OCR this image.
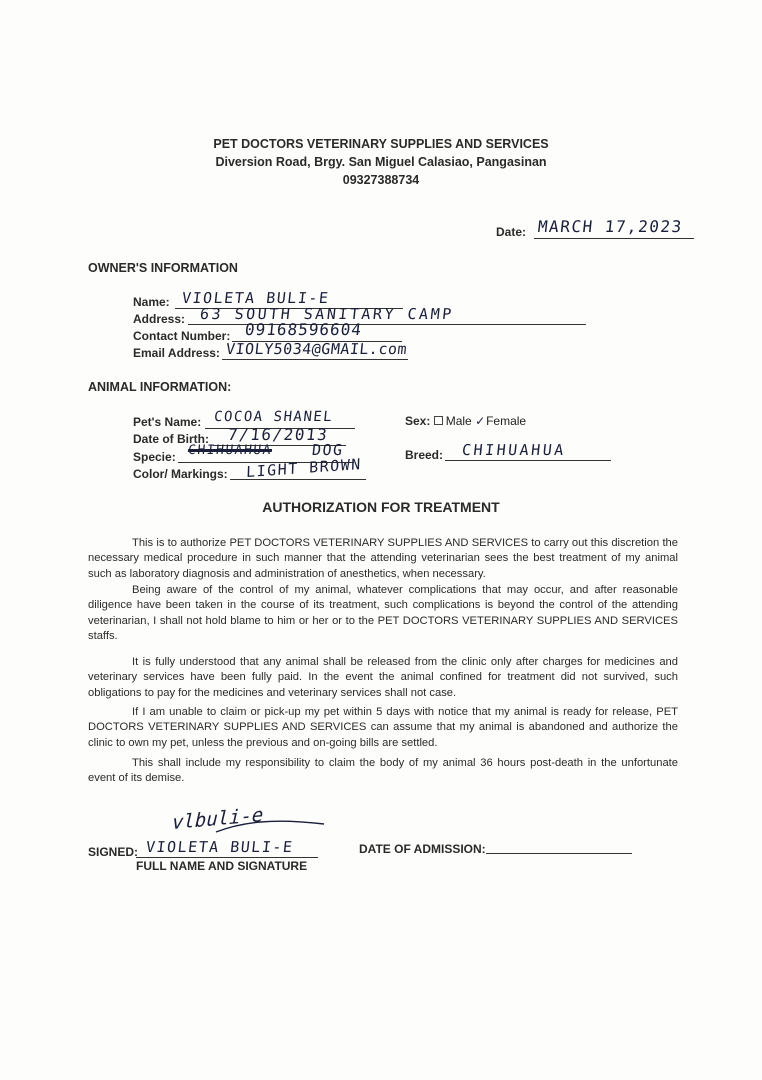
PET DOCTORS VETERINARY SUPPLIES AND SERVICES
Diversion Road, Brgy. San Miguel Calasiao, Pangasinan
09327388734
Date: MARCH 17,2023
OWNER'S INFORMATION
Name: VIOLETA BULI-E
Address: 63 SOUTH SANITARY CAMP
Contact Number: 09168596604
Email Address: VIOLY5034@GMAIL.com
ANIMAL INFORMATION:
Pet's Name: COCOA SHANEL
Date of Birth: 7/16/2013
Specie: CHIHUAHUA	DOG
Color/ Markings: LIGHT BROWN
Sex: Male ✓Female
Breed: CHIHUAHUA
AUTHORIZATION FOR TREATMENT
This is to authorize PET DOCTORS VETERINARY SUPPLIES AND SERVICES to carry out this discretion the necessary medical procedure in such manner that the attending veterinarian sees the best treatment of my animal such as laboratory diagnosis and administration of anesthetics, when necessary.
Being aware of the control of my animal, whatever complications that may occur, and after reasonable diligence have been taken in the course of its treatment, such complications is beyond the control of the attending veterinarian, I shall not hold blame to him or her or to the PET DOCTORS VETERINARY SUPPLIES AND SERVICES staffs.
It is fully understood that any animal shall be released from the clinic only after charges for medicines and veterinary services have been fully paid. In the event the animal confined for treatment did not survived, such obligations to pay for the medicines and veterinary services shall not case.
If I am unable to claim or pick-up my pet within 5 days with notice that my animal is ready for release, PET DOCTORS VETERINARY SUPPLIES AND SERVICES can assume that my animal is abandoned and authorize the clinic to own my pet, unless the previous and on-going bills are settled.
This shall include my responsibility to claim the body of my animal 36 hours post-death in the unfortunate event of its demise.
vlbuli-e
SIGNED: VIOLETA BULI-E
FULL NAME AND SIGNATURE
DATE OF ADMISSION:
